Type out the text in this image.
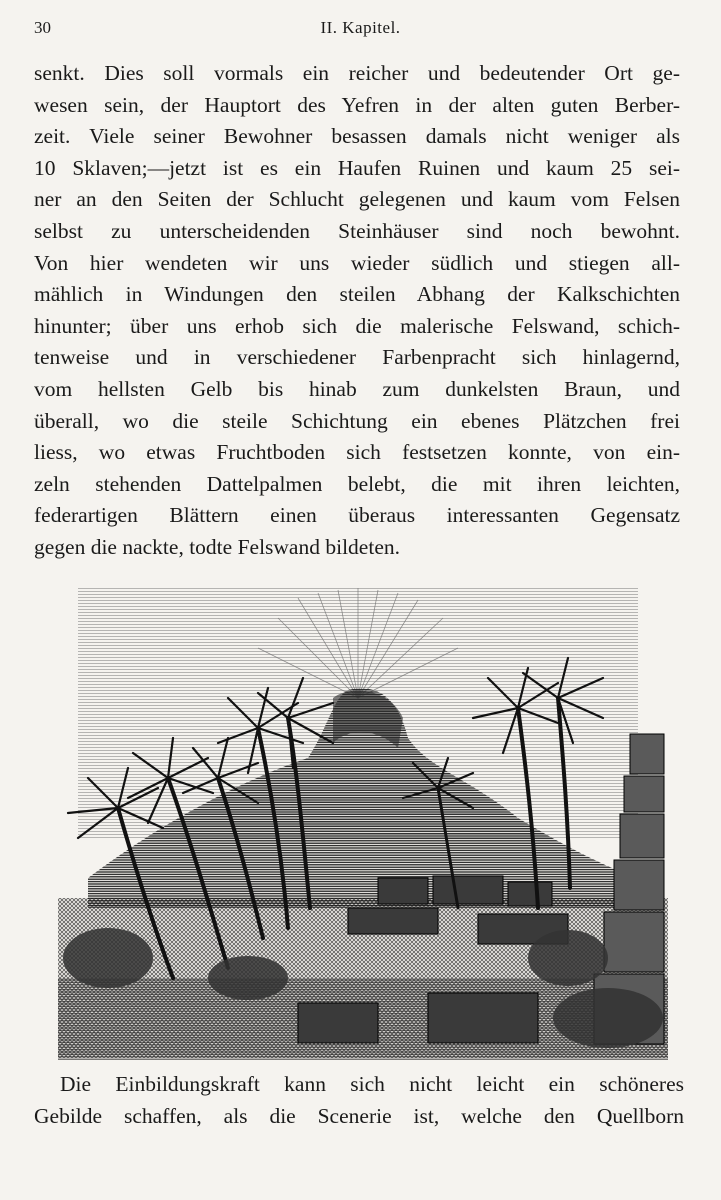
30	II. Kapitel.
senkt. Dies soll vormals ein reicher und bedeutender Ort ge-
wesen sein, der Hauptort des Yefren in der alten guten Berber-
zeit. Viele seiner Bewohner besassen damals nicht weniger als
10 Sklaven;—jetzt ist es ein Haufen Ruinen und kaum 25 sei-
ner an den Seiten der Schlucht gelegenen und kaum vom Felsen
selbst zu unterscheidenden Steinhäuser sind noch bewohnt.
Von hier wendeten wir uns wieder südlich und stiegen all-
mählich in Windungen den steilen Abhang der Kalkschichten
hinunter; über uns erhob sich die malerische Felswand, schich-
tenweise und in verschiedener Farbenpracht sich hinlagernd,
vom hellsten Gelb bis hinab zum dunkelsten Braun, und
überall, wo die steile Schichtung ein ebenes Plätzchen frei
liess, wo etwas Fruchtboden sich festsetzen konnte, von ein-
zeln stehenden Dattelpalmen belebt, die mit ihren leichten,
federartigen Blättern einen überaus interessanten Gegensatz
gegen die nackte, todte Felswand bildeten.
Die Einbildungskraft kann sich nicht leicht ein schöneres
Gebilde schaffen, als die Scenerie ist, welche den Quellborn
